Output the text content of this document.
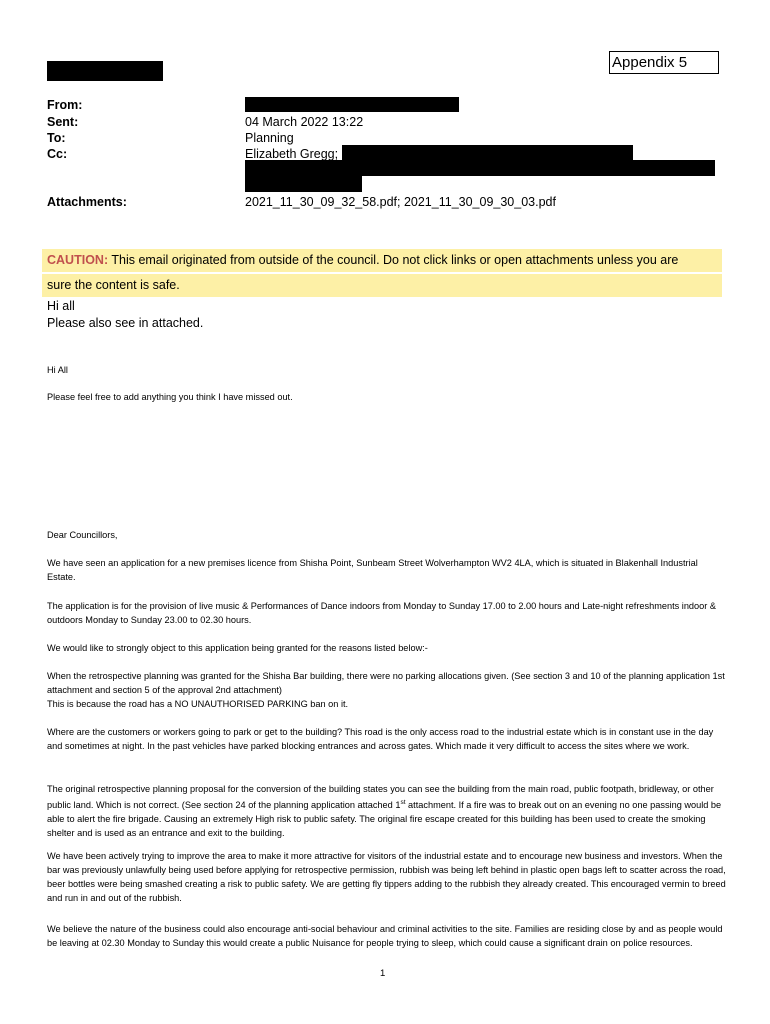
Appendix 5
From:
Sent:	04 March 2022 13:22
To:	Planning
Cc:	Elizabeth Gregg;
Attachments:	2021_11_30_09_32_58.pdf; 2021_11_30_09_30_03.pdf
CAUTION: This email originated from outside of the council. Do not click links or open attachments unless you are
sure the content is safe.
Hi all
Please also see in attached.
Hi All
Please feel free to add anything you think I have missed out.
Dear Councillors,
We have seen an application for a new premises licence from Shisha Point, Sunbeam Street Wolverhampton WV2 4LA, which is situated in Blakenhall Industrial Estate.
The application is for the provision of live music & Performances of Dance indoors from Monday to Sunday 17.00 to 2.00 hours and Late-night refreshments indoor & outdoors Monday to Sunday 23.00 to 02.30 hours.
We would like to strongly object to this application being granted for the reasons listed below:-
When the retrospective planning was granted for the Shisha Bar building, there were no parking allocations given. (See section 3 and 10 of the planning application 1st attachment and section 5 of the approval 2nd attachment)
This is because the road has a NO UNAUTHORISED PARKING ban on it.
Where are the customers or workers going to park or get to the building? This road is the only access road to the industrial estate which is in constant use in the day and sometimes at night. In the past vehicles have parked blocking entrances and across gates. Which made it very difficult to access the sites where we work.
The original retrospective planning proposal for the conversion of the building states you can see the building from the main road, public footpath, bridleway, or other public land. Which is not correct. (See section 24 of the planning application attached 1st attachment. If a fire was to break out on an evening no one passing would be able to alert the fire brigade. Causing an extremely High risk to public safety. The original fire escape created for this building has been used to create the smoking shelter and is used as an entrance and exit to the building.
We have been actively trying to improve the area to make it more attractive for visitors of the industrial estate and to encourage new business and investors. When the bar was previously unlawfully being used before applying for retrospective permission, rubbish was being left behind in plastic open bags left to scatter across the road, beer bottles were being smashed creating a risk to public safety. We are getting fly tippers adding to the rubbish they already created. This encouraged vermin to breed and run in and out of the rubbish.
We believe the nature of the business could also encourage anti-social behaviour and criminal activities to the site. Families are residing close by and as people would be leaving at 02.30 Monday to Sunday this would create a public Nuisance for people trying to sleep, which could cause a significant drain on police resources.
1
